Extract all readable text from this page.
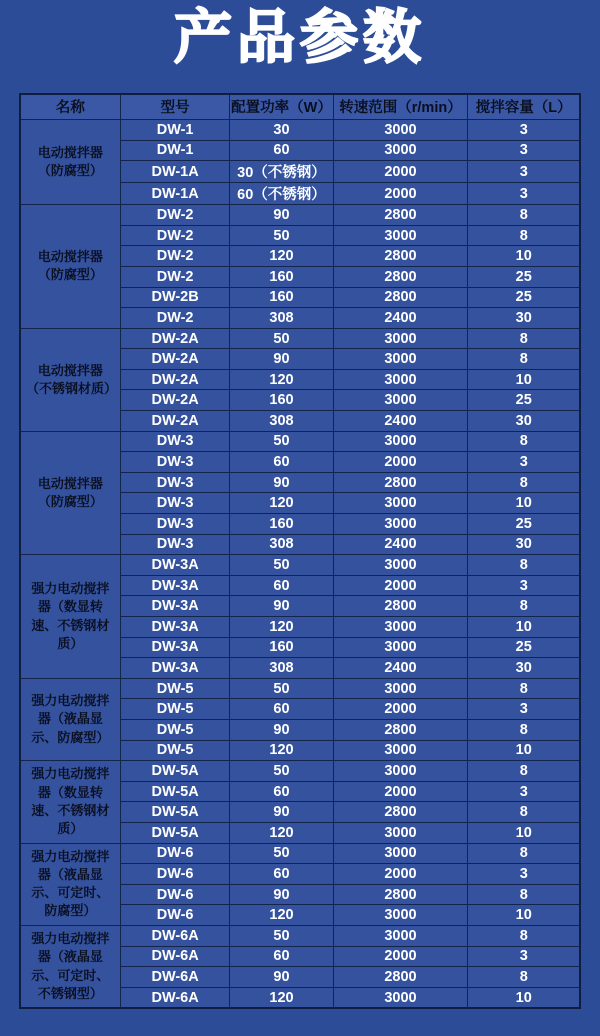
产品参数
名称	型号	配置功率（W）	转速范围（r/min）	搅拌容量（L）
电动搅拌器（防腐型）	DW-1	30	3000	3
	DW-1	60	3000	3
	DW-1A	30（不锈钢）	2000	3
	DW-1A	60（不锈钢）	2000	3
电动搅拌器（防腐型）	DW-2	90	2800	8
	DW-2	50	3000	8
	DW-2	120	2800	10
	DW-2	160	2800	25
	DW-2B	160	2800	25
	DW-2	308	2400	30
电动搅拌器（不锈钢材质）	DW-2A	50	3000	8
	DW-2A	90	3000	8
	DW-2A	120	3000	10
	DW-2A	160	3000	25
	DW-2A	308	2400	30
电动搅拌器（防腐型）	DW-3	50	3000	8
	DW-3	60	2000	3
	DW-3	90	2800	8
	DW-3	120	3000	10
	DW-3	160	3000	25
	DW-3	308	2400	30
强力电动搅拌器（数显转速、不锈钢材质）	DW-3A	50	3000	8
	DW-3A	60	2000	3
	DW-3A	90	2800	8
	DW-3A	120	3000	10
	DW-3A	160	3000	25
	DW-3A	308	2400	30
强力电动搅拌器（液晶显示、防腐型）	DW-5	50	3000	8
	DW-5	60	2000	3
	DW-5	90	2800	8
	DW-5	120	3000	10
强力电动搅拌器（数显转速、不锈钢材质）	DW-5A	50	3000	8
	DW-5A	60	2000	3
	DW-5A	90	2800	8
	DW-5A	120	3000	10
强力电动搅拌器（液晶显示、可定时、防腐型）	DW-6	50	3000	8
	DW-6	60	2000	3
	DW-6	90	2800	8
	DW-6	120	3000	10
强力电动搅拌器（液晶显示、可定时、不锈钢型）	DW-6A	50	3000	8
	DW-6A	60	2000	3
	DW-6A	90	2800	8
	DW-6A	120	3000	10
